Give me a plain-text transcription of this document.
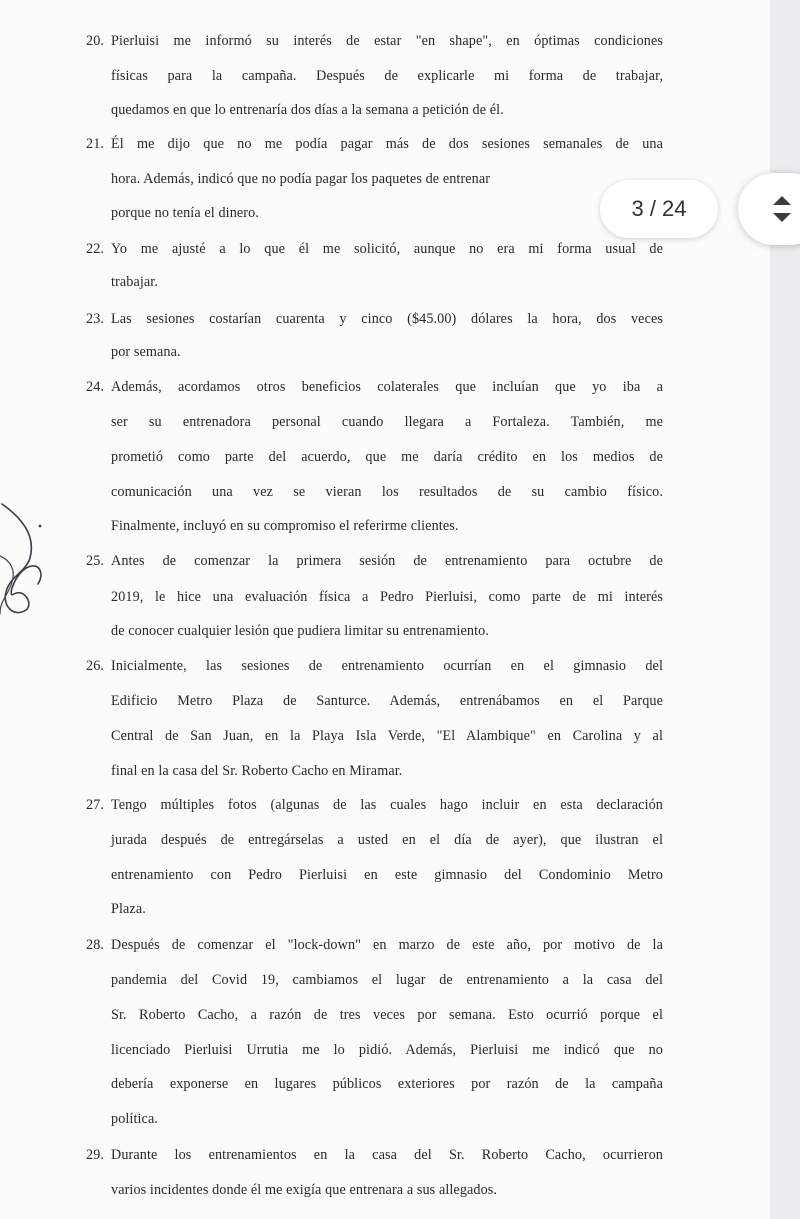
20. Pierluisi me informó su interés de estar "en shape", en óptimas condiciones
físicas para la campaña. Después de explicarle mi forma de trabajar,
quedamos en que lo entrenaría dos días a la semana a petición de él.
21. Él me dijo que no me podía pagar más de dos sesiones semanales de una
hora. Además, indicó que no podía pagar los paquetes de entrenar
porque no tenía el dinero.
22. Yo me ajusté a lo que él me solicitó, aunque no era mi forma usual de
trabajar.
23. Las sesiones costarían cuarenta y cinco ($45.00) dólares la hora, dos veces
por semana.
24. Además, acordamos otros beneficios colaterales que incluían que yo iba a
ser su entrenadora personal cuando llegara a Fortaleza. También, me
prometió como parte del acuerdo, que me daría crédito en los medios de
comunicación una vez se vieran los resultados de su cambio físico.
Finalmente, incluyó en su compromiso el referirme clientes.
25. Antes de comenzar la primera sesión de entrenamiento para octubre de
2019, le hice una evaluación física a Pedro Pierluisi, como parte de mi interés
de conocer cualquier lesión que pudiera limitar su entrenamiento.
26. Inicialmente, las sesiones de entrenamiento ocurrían en el gimnasio del
Edificio Metro Plaza de Santurce. Además, entrenábamos en el Parque
Central de San Juan, en la Playa Isla Verde, "El Alambique" en Carolina y al
final en la casa del Sr. Roberto Cacho en Miramar.
27. Tengo múltiples fotos (algunas de las cuales hago incluir en esta declaración
jurada después de entregárselas a usted en el día de ayer), que ilustran el
entrenamiento con Pedro Pierluisi en este gimnasio del Condominio Metro
Plaza.
28. Después de comenzar el "lock-down" en marzo de este año, por motivo de la
pandemia del Covid 19, cambiamos el lugar de entrenamiento a la casa del
Sr. Roberto Cacho, a razón de tres veces por semana. Esto ocurrió porque el
licenciado Pierluisi Urrutia me lo pidió. Además, Pierluisi me indicó que no
debería exponerse en lugares públicos exteriores por razón de la campaña
política.
29. Durante los entrenamientos en la casa del Sr. Roberto Cacho, ocurrieron
varios incidentes donde él me exigía que entrenara a sus allegados.
3 / 24
